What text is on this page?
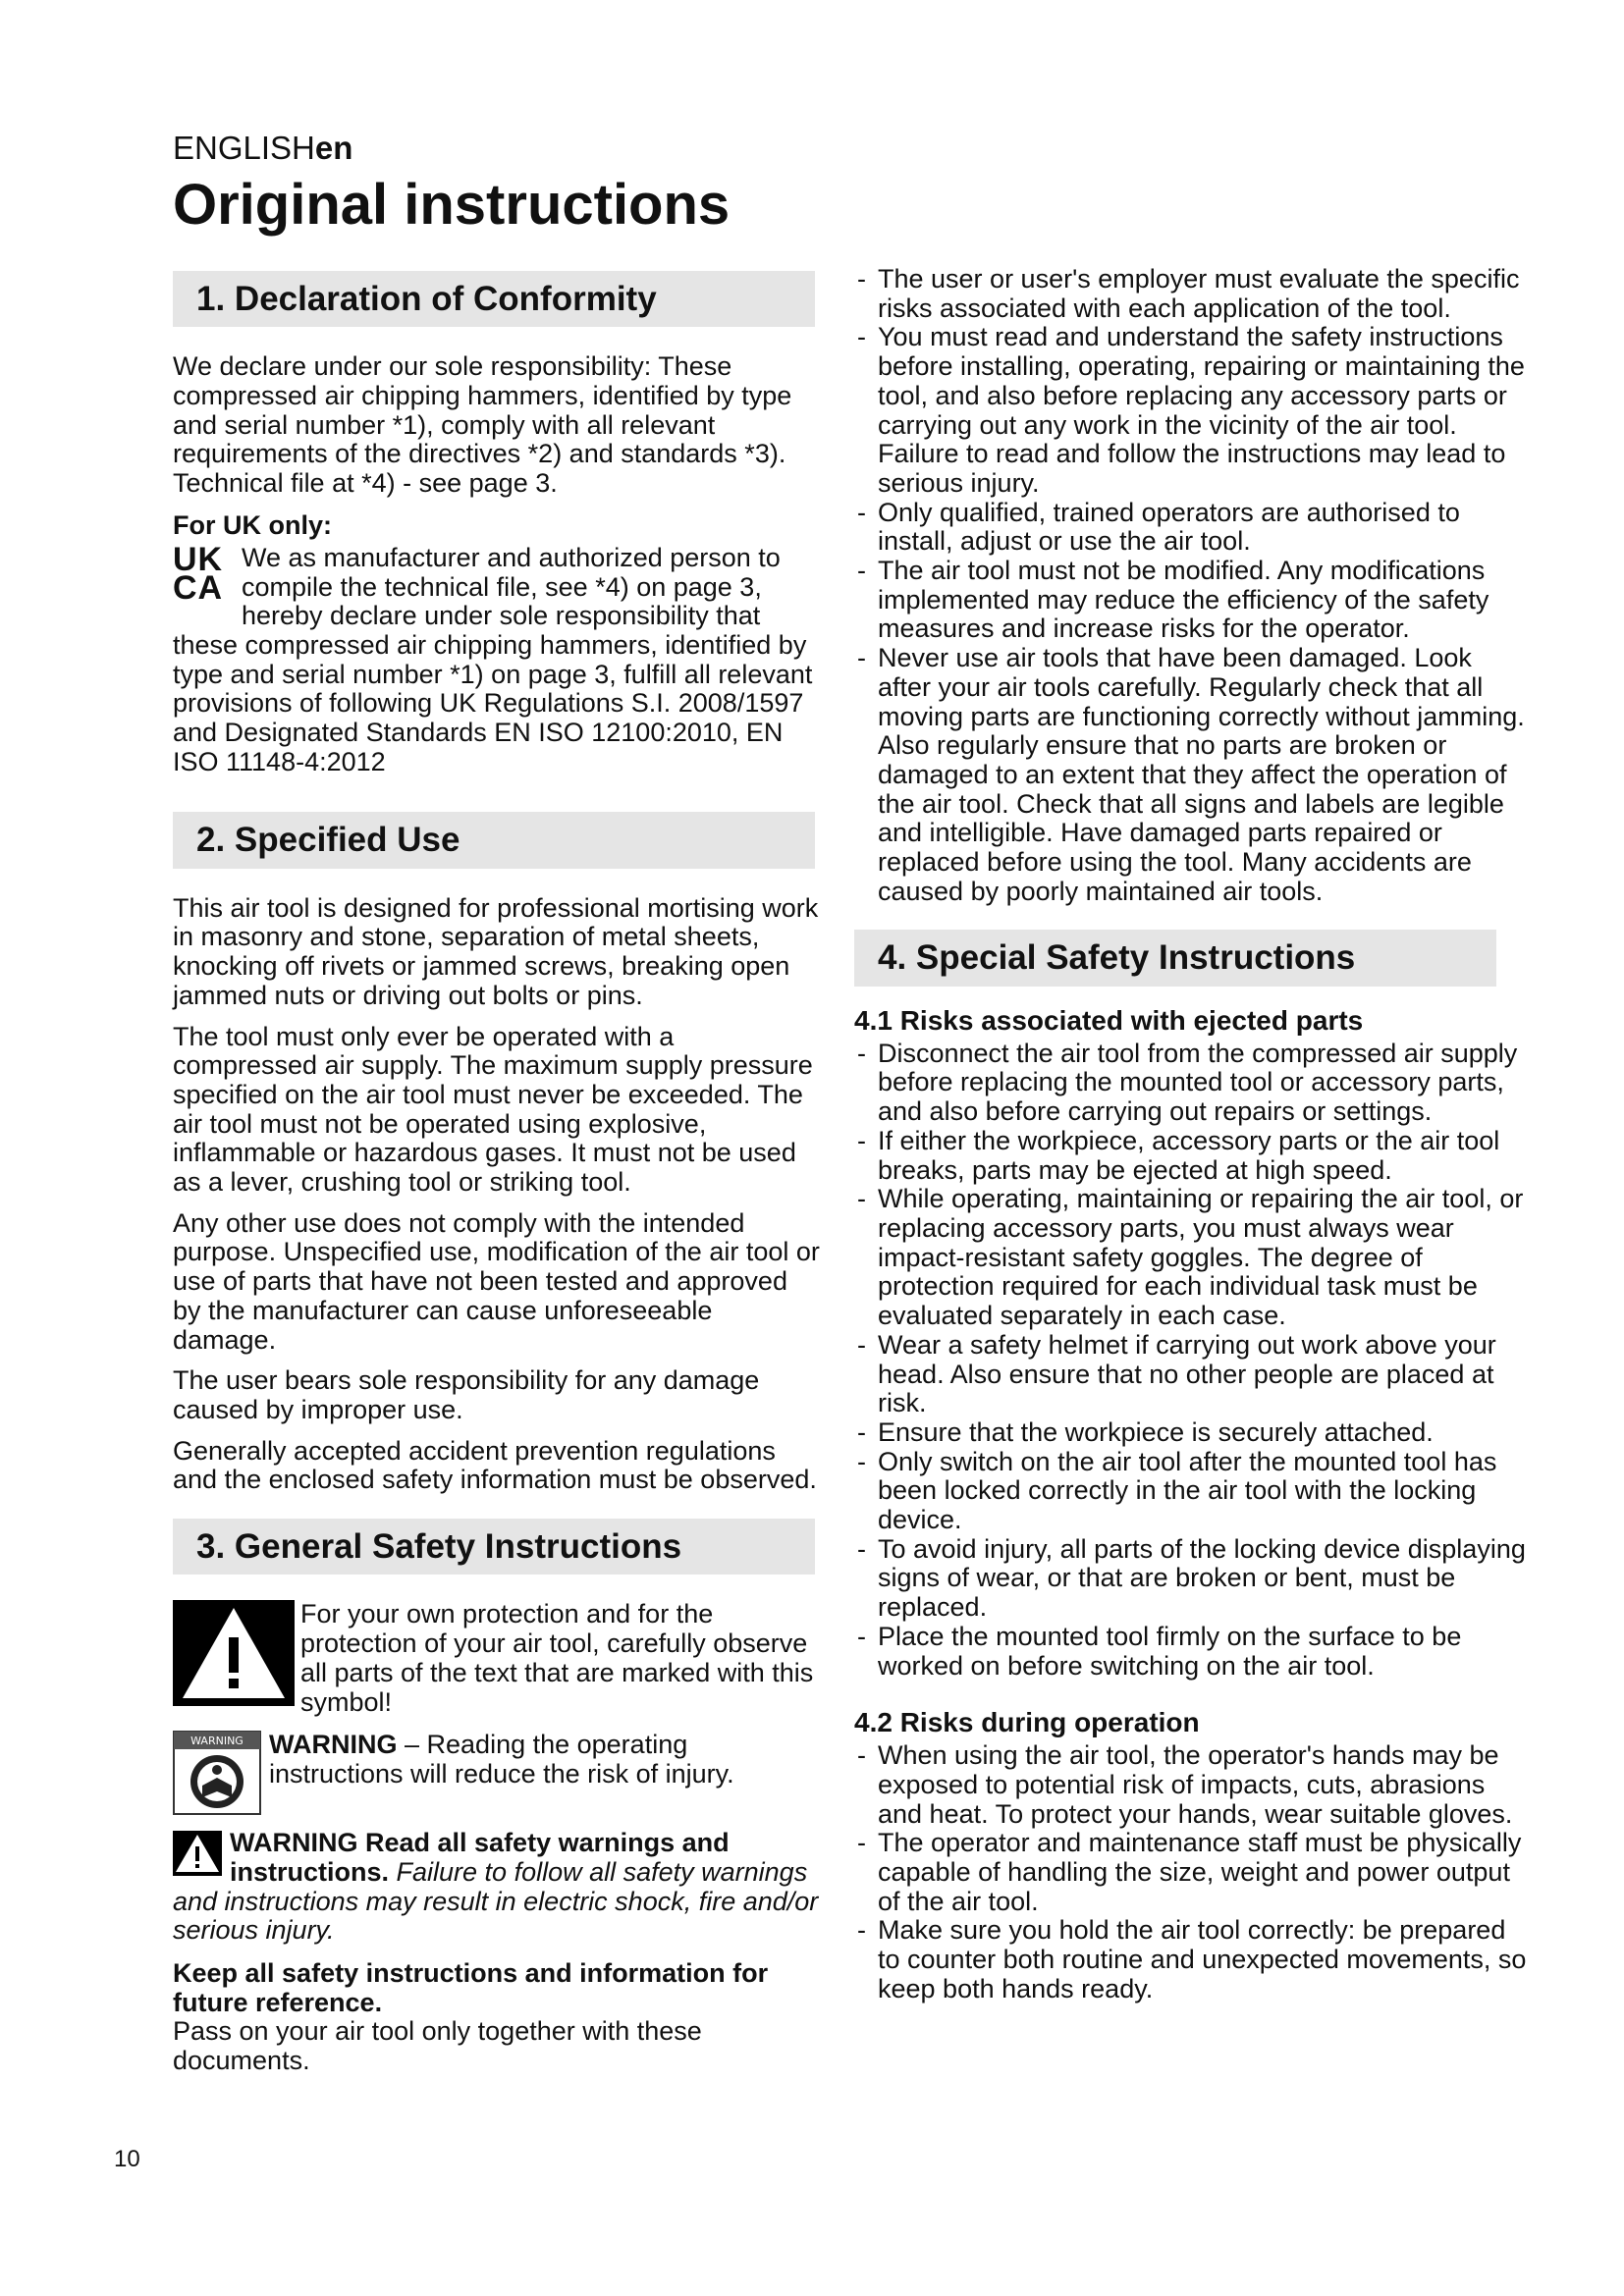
ENGLISHen
Original instructions
1. Declaration of Conformity

We declare under our sole responsibility: These compressed air chipping hammers, identified by type and serial number *1), comply with all relevant requirements of the directives *2) and standards *3). Technical file at *4) - see page 3.

For UK only:
UK
CA

We as manufacturer and authorized person to compile the technical file, see *4) on page 3, hereby declare under sole responsibility that these compressed air chipping hammers, identified by type and serial number *1) on page 3, fulfill all relevant provisions of following UK Regulations S.I. 2008/1597 and Designated Standards EN ISO 12100:2010, EN ISO 11148-4:2012

2. Specified Use

This air tool is designed for professional mortising work in masonry and stone, separation of metal sheets, knocking off rivets or jammed screws, breaking open jammed nuts or driving out bolts or pins.

The tool must only ever be operated with a compressed air supply. The maximum supply pressure specified on the air tool must never be exceeded. The air tool must not be operated using explosive, inflammable or hazardous gases. It must not be used as a lever, crushing tool or striking tool.

Any other use does not comply with the intended purpose. Unspecified use, modification of the air tool or use of parts that have not been tested and approved by the manufacturer can cause unforeseeable damage.

The user bears sole responsibility for any damage caused by improper use.

Generally accepted accident prevention regulations and the enclosed safety information must be observed.

3. General Safety Instructions
For your own protection and for the protection of your air tool, carefully observe all parts of the text that are marked with this symbol!
WARNING WARNING – Reading the operating instructions will reduce the risk of injury.
WARNING Read all safety warnings and instructions. Failure to follow all safety warnings and instructions may result in electric shock, fire and/or serious injury.
Keep all safety instructions and information for future reference.

Pass on your air tool only together with these documents.

- The user or user's employer must evaluate the specific risks associated with each application of the tool.
- You must read and understand the safety instructions before installing, operating, repairing or maintaining the tool, and also before replacing any accessory parts or carrying out any work in the vicinity of the air tool. Failure to read and follow the instructions may lead to serious injury.
- Only qualified, trained operators are authorised to install, adjust or use the air tool.
- The air tool must not be modified. Any modifications implemented may reduce the efficiency of the safety measures and increase risks for the operator.
- Never use air tools that have been damaged. Look after your air tools carefully. Regularly check that all moving parts are functioning correctly without jamming. Also regularly ensure that no parts are broken or damaged to an extent that they affect the operation of the air tool. Check that all signs and labels are legible and intelligible. Have damaged parts repaired or replaced before using the tool. Many accidents are caused by poorly maintained air tools.
4. Special Safety Instructions
4.1 Risks associated with ejected parts
- Disconnect the air tool from the compressed air supply before replacing the mounted tool or accessory parts, and also before carrying out repairs or settings.
- If either the workpiece, accessory parts or the air tool breaks, parts may be ejected at high speed.
- While operating, maintaining or repairing the air tool, or replacing accessory parts, you must always wear impact-resistant safety goggles. The degree of protection required for each individual task must be evaluated separately in each case.
- Wear a safety helmet if carrying out work above your head. Also ensure that no other people are placed at risk.
- Ensure that the workpiece is securely attached.
- Only switch on the air tool after the mounted tool has been locked correctly in the air tool with the locking device.
- To avoid injury, all parts of the locking device displaying signs of wear, or that are broken or bent, must be replaced.
- Place the mounted tool firmly on the surface to be worked on before switching on the air tool.
4.2 Risks during operation
- When using the air tool, the operator's hands may be exposed to potential risk of impacts, cuts, abrasions and heat. To protect your hands, wear suitable gloves.
- The operator and maintenance staff must be physically capable of handling the size, weight and power output of the air tool.
- Make sure you hold the air tool correctly: be prepared to counter both routine and unexpected movements, so keep both hands ready.
10
